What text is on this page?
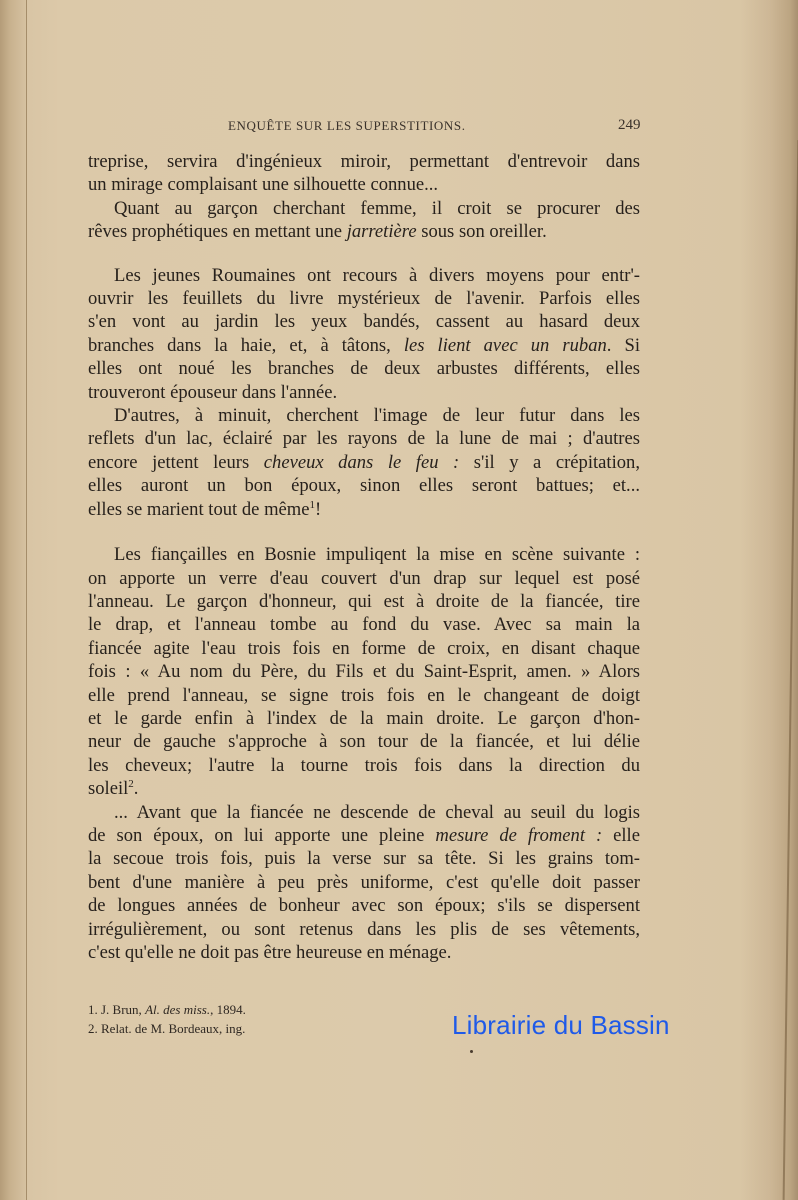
ENQUÊTE SUR LES SUPERSTITIONS.	249
treprise, servira d'ingénieux miroir, permettant d'entrevoir dans
un mirage complaisant une silhouette connue...
Quant au garçon cherchant femme, il croit se procurer des
rêves prophétiques en mettant une jarretière sous son oreiller.
Les jeunes Roumaines ont recours à divers moyens pour entr'-
ouvrir les feuillets du livre mystérieux de l'avenir. Parfois elles
s'en vont au jardin les yeux bandés, cassent au hasard deux
branches dans la haie, et, à tâtons, les lient avec un ruban. Si
elles ont noué les branches de deux arbustes différents, elles
trouveront épouseur dans l'année.
D'autres, à minuit, cherchent l'image de leur futur dans les
reflets d'un lac, éclairé par les rayons de la lune de mai ; d'autres
encore jettent leurs cheveux dans le feu : s'il y a crépitation,
elles auront un bon époux, sinon elles seront battues; et...
elles se marient tout de même$^1$!
Les fiançailles en Bosnie impuliqent la mise en scène suivante :
on apporte un verre d'eau couvert d'un drap sur lequel est posé
l'anneau. Le garçon d'honneur, qui est à droite de la fiancée, tire
le drap, et l'anneau tombe au fond du vase. Avec sa main la
fiancée agite l'eau trois fois en forme de croix, en disant chaque
fois : « Au nom du Père, du Fils et du Saint-Esprit, amen. » Alors
elle prend l'anneau, se signe trois fois en le changeant de doigt
et le garde enfin à l'index de la main droite. Le garçon d'hon-
neur de gauche s'approche à son tour de la fiancée, et lui délie
les cheveux; l'autre la tourne trois fois dans la direction du
soleil$^2$.
... Avant que la fiancée ne descende de cheval au seuil du logis
de son époux, on lui apporte une pleine mesure de froment : elle
la secoue trois fois, puis la verse sur sa tête. Si les grains tom-
bent d'une manière à peu près uniforme, c'est qu'elle doit passer
de longues années de bonheur avec son époux; s'ils se dispersent
irrégulièrement, ou sont retenus dans les plis de ses vêtements,
c'est qu'elle ne doit pas être heureuse en ménage.
1. J. Brun, Al. des miss., 1894.
2. Relat. de M. Bordeaux, ing.	Librairie du Bassin
